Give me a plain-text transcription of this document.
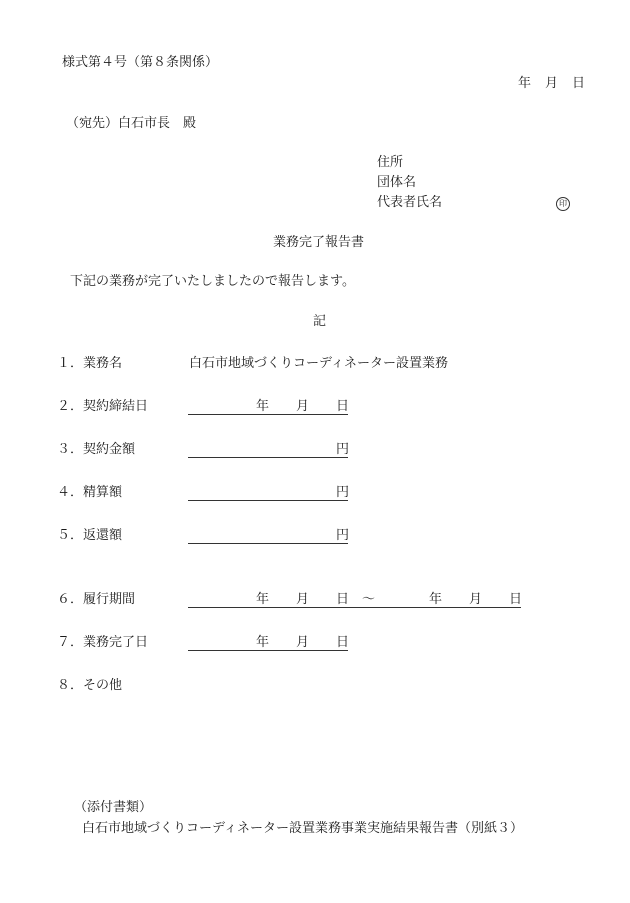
様式第４号（第８条関係）
年 月 日
（宛先）白石市長　殿
住所
団体名
代表者氏名	印
業務完了報告書
下記の業務が完了いたしましたので報告します。
記
１．業務名	白石市地域づくりコーディネーター設置業務
２．契約締結日	年 月 日
３．契約金額	円
４．精算額	円
５．返還額	円
６．履行期間	年 月 日 ～	年 月 日
７．業務完了日	年 月 日
８．その他
（添付書類）
白石市地域づくりコーディネーター設置業務事業実施結果報告書（別紙３）
